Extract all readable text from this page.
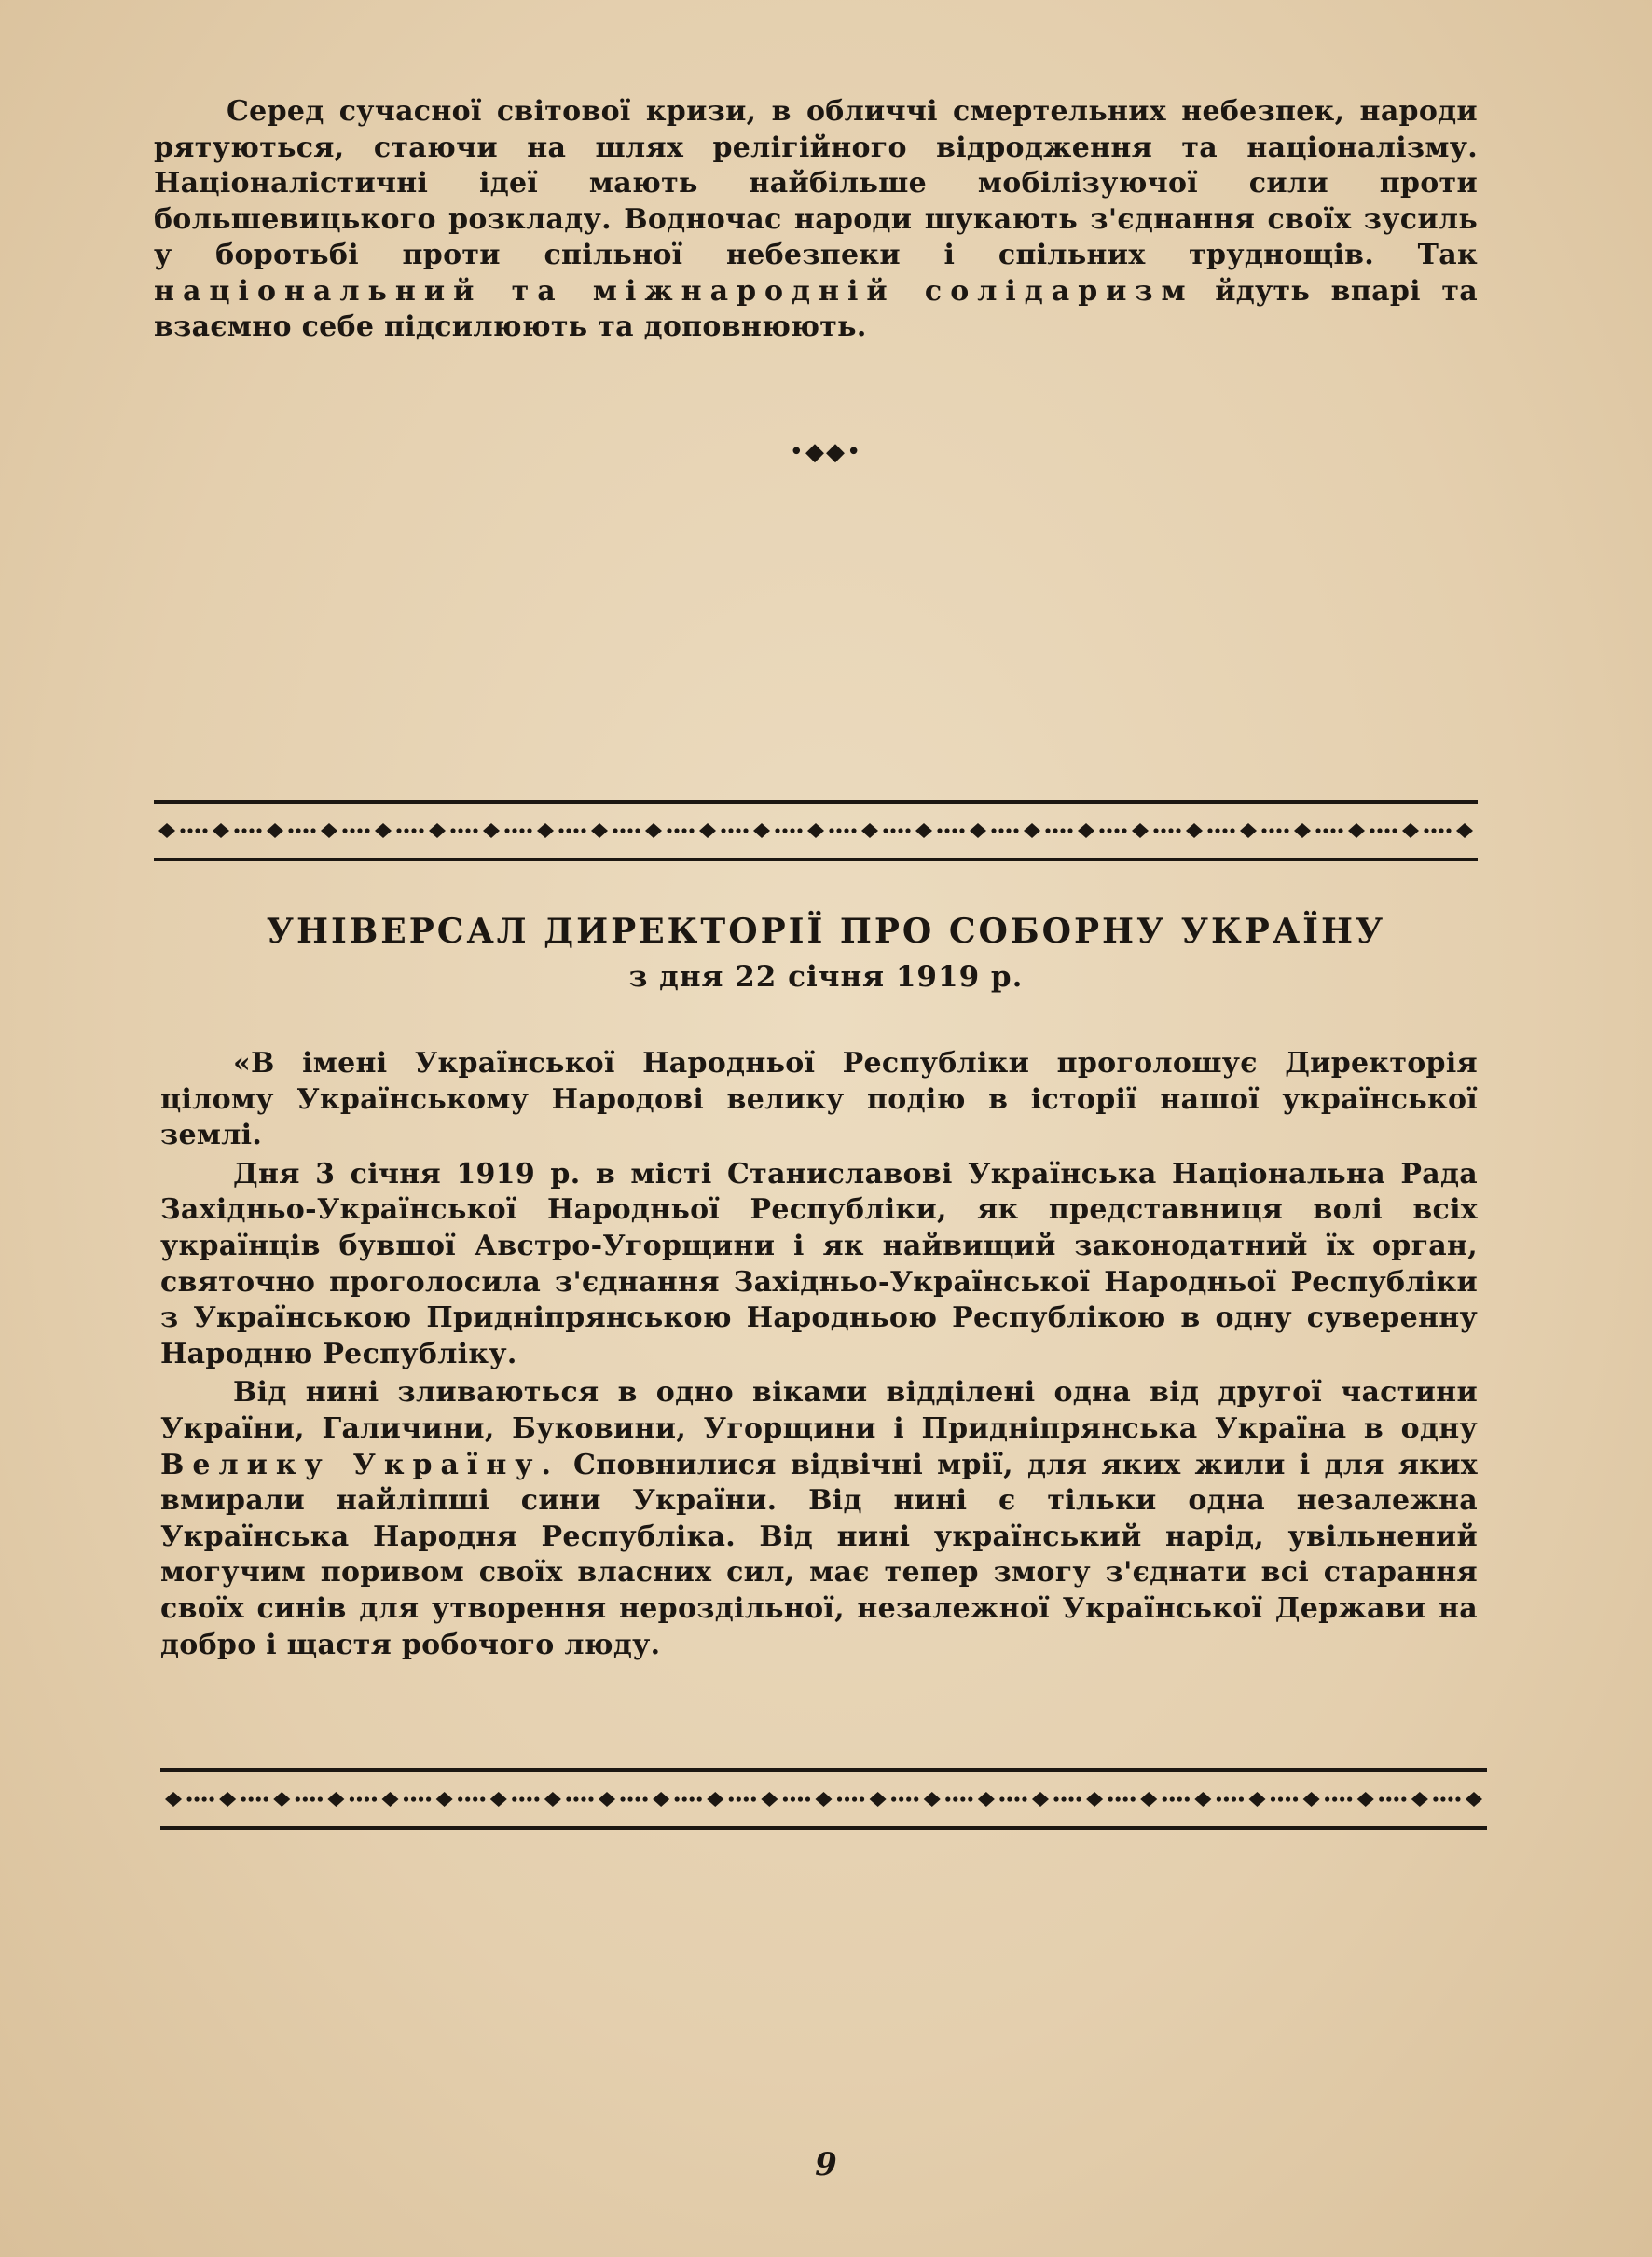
Серед сучасної світової кризи, в обличчі смертельних небезпек, народи рятуються, стаючи на шлях релігійного відродження та націоналізму. Націоналістичні ідеї мають найбільше мобілізуючої сили проти большевицького розкладу. Водночас народи шукають з'єднання своїх зусиль у боротьбі проти спільної небезпеки і спільних труднощів. Так національний та міжнародній солідаризм йдуть впарі та взаємно себе підсилюють та доповнюють.

•◆◆•
УНІВЕРСАЛ ДИРЕКТОРІЇ ПРО СОБОРНУ УКРАЇНУ
з дня 22 січня 1919 р.

«В імені Української Народньої Республіки проголошує Директорія цілому Українському Народові велику подію в історії нашої української землі.

Дня 3 січня 1919 р. в місті Станиславові Українська Національна Рада Західньо-Української Народньої Республіки, як представниця волі всіх українців бувшої Австро-Угорщини і як найвищий законодатний їх орган, святочно проголосила з'єднання Західньо-Української Народньої Республіки з Українською Придніпрянською Народньою Республікою в одну суверенну Народню Республіку.

Від нині зливаються в одно віками відділені одна від другої частини України, Галичини, Буковини, Угорщини і Придніпрянська Україна в одну Велику Україну. Сповнилися відвічні мрії, для яких жили і для яких вмирали найліпші сини України. Від нині є тільки одна незалежна Українська Народня Республіка. Від нині український нарід, увільнений могучим поривом своїх власних сил, має тепер змогу з'єднати всі старання своїх синів для утворення нероздільної, незалежної Української Держави на добро і щастя робочого люду.

9
